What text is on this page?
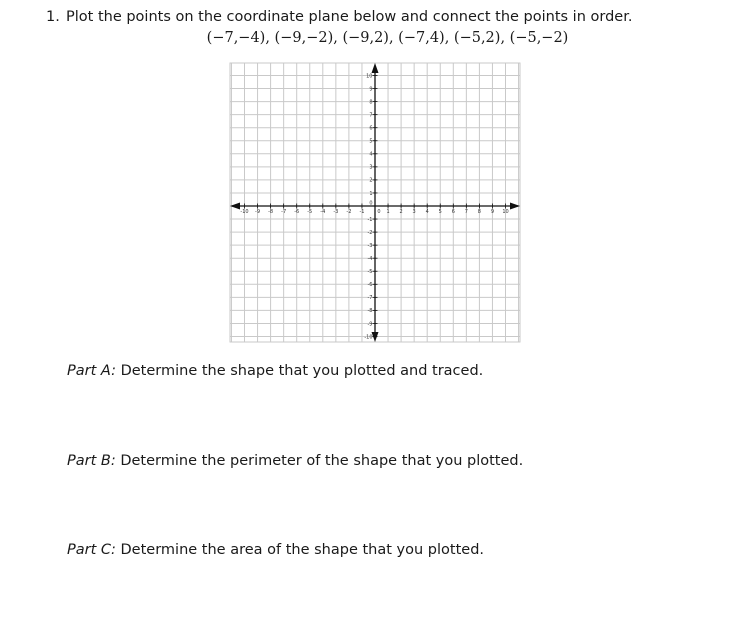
1. Plot the points on the coordinate plane below and connect the points in order.
(−7,−4), (−9,−2), (−9,2), (−7,4), (−5,2), (−5,−2)
-10 -9 -8 -7 -6 -5 -4 -3 -2 -1	0 1 2 3 4 5 6 7 8 9 10
-10
-9
-8
-7
-6
-5
-4
-3
-2
-1
0
1
2
3
4
5
6
7
8
9
10
Part A: Determine the shape that you plotted and traced.
Part B: Determine the perimeter of the shape that you plotted.
Part C: Determine the area of the shape that you plotted.
